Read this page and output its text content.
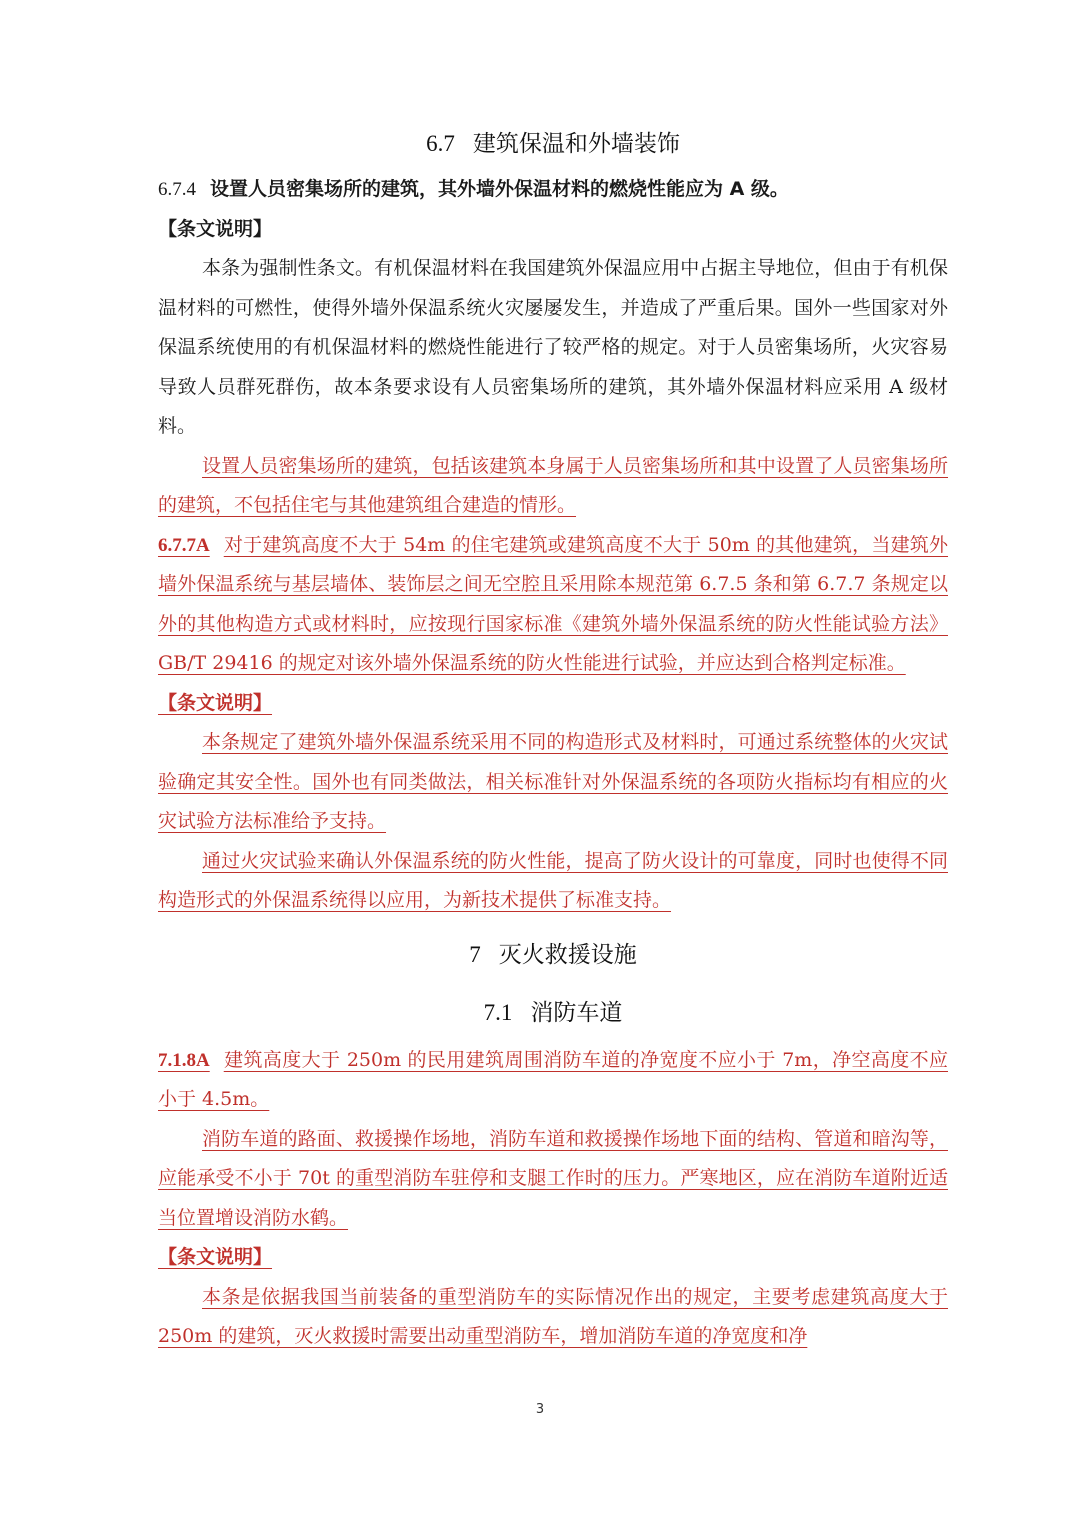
6.7 建筑保温和外墙装饰

6.7.4 设置人员密集场所的建筑，其外墙外保温材料的燃烧性能应为 A 级。

【条文说明】

本条为强制性条文。有机保温材料在我国建筑外保温应用中占据主导地位，但由于有机保温材料的可燃性，使得外墙外保温系统火灾屡屡发生，并造成了严重后果。国外一些国家对外保温系统使用的有机保温材料的燃烧性能进行了较严格的规定。对于人员密集场所，火灾容易导致人员群死群伤，故本条要求设有人员密集场所的建筑，其外墙外保温材料应采用 A 级材料。

设置人员密集场所的建筑，包括该建筑本身属于人员密集场所和其中设置了人员密集场所的建筑，不包括住宅与其他建筑组合建造的情形。

6.7.7A 对于建筑高度不大于 54m 的住宅建筑或建筑高度不大于 50m 的其他建筑，当建筑外墙外保温系统与基层墙体、装饰层之间无空腔且采用除本规范第 6.7.5 条和第 6.7.7 条规定以外的其他构造方式或材料时，应按现行国家标准《建筑外墙外保温系统的防火性能试验方法》GB/T 29416 的规定对该外墙外保温系统的防火性能进行试验，并应达到合格判定标准。

【条文说明】

本条规定了建筑外墙外保温系统采用不同的构造形式及材料时，可通过系统整体的火灾试验确定其安全性。国外也有同类做法，相关标准针对外保温系统的各项防火指标均有相应的火灾试验方法标准给予支持。

通过火灾试验来确认外保温系统的防火性能，提高了防火设计的可靠度，同时也使得不同构造形式的外保温系统得以应用，为新技术提供了标准支持。

7 灭火救援设施
7.1 消防车道

7.1.8A 建筑高度大于 250m 的民用建筑周围消防车道的净宽度不应小于 7m，净空高度不应小于 4.5m。

消防车道的路面、救援操作场地，消防车道和救援操作场地下面的结构、管道和暗沟等，应能承受不小于 70t 的重型消防车驻停和支腿工作时的压力。严寒地区，应在消防车道附近适当位置增设消防水鹤。

【条文说明】

本条是依据我国当前装备的重型消防车的实际情况作出的规定，主要考虑建筑高度大于 250m 的建筑，灭火救援时需要出动重型消防车，增加消防车道的净宽度和净

3
